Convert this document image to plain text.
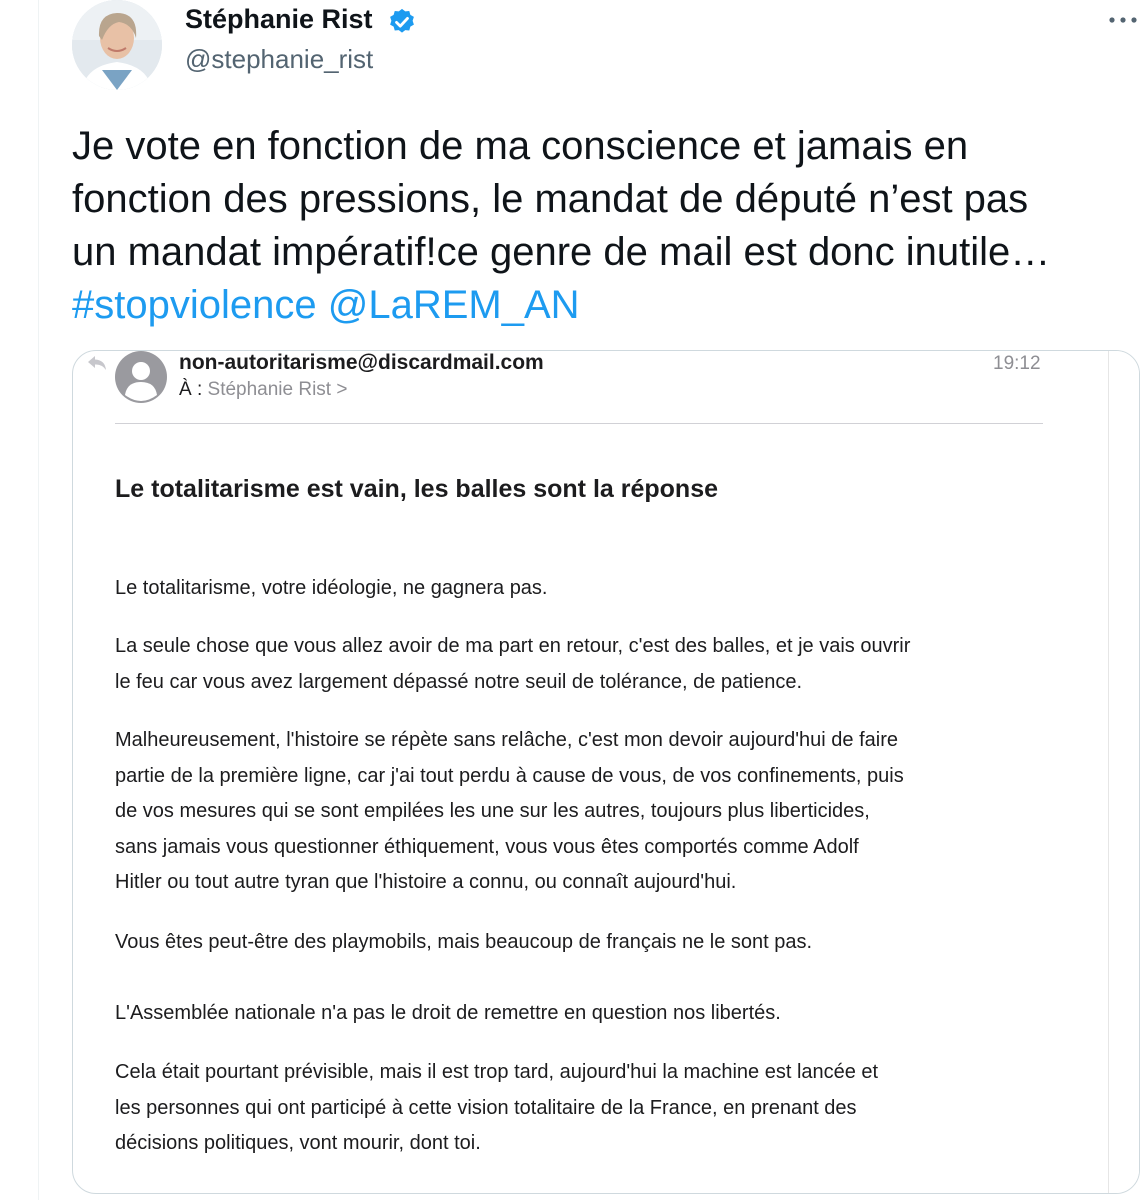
Stéphanie Rist
@stephanie_rist
Je vote en fonction de ma conscience et jamais en
fonction des pressions, le mandat de député n’est pas
un mandat impératif!ce genre de mail est donc inutile…
#stopviolence @LaREM_AN
non-autoritarisme@discardmail.com
À : Stéphanie Rist >
19:12
Le totalitarisme est vain, les balles sont la réponse
Le totalitarisme, votre idéologie, ne gagnera pas.
La seule chose que vous allez avoir de ma part en retour, c'est des balles, et je vais ouvrir
le feu car vous avez largement dépassé notre seuil de tolérance, de patience.
Malheureusement, l'histoire se répète sans relâche, c'est mon devoir aujourd'hui de faire
partie de la première ligne, car j'ai tout perdu à cause de vous, de vos confinements, puis
de vos mesures qui se sont empilées les une sur les autres, toujours plus liberticides,
sans jamais vous questionner éthiquement, vous vous êtes comportés comme Adolf
Hitler ou tout autre tyran que l'histoire a connu, ou connaît aujourd'hui.
Vous êtes peut-être des playmobils, mais beaucoup de français ne le sont pas.
L'Assemblée nationale n'a pas le droit de remettre en question nos libertés.
Cela était pourtant prévisible, mais il est trop tard, aujourd'hui la machine est lancée et
les personnes qui ont participé à cette vision totalitaire de la France, en prenant des
décisions politiques, vont mourir, dont toi.
